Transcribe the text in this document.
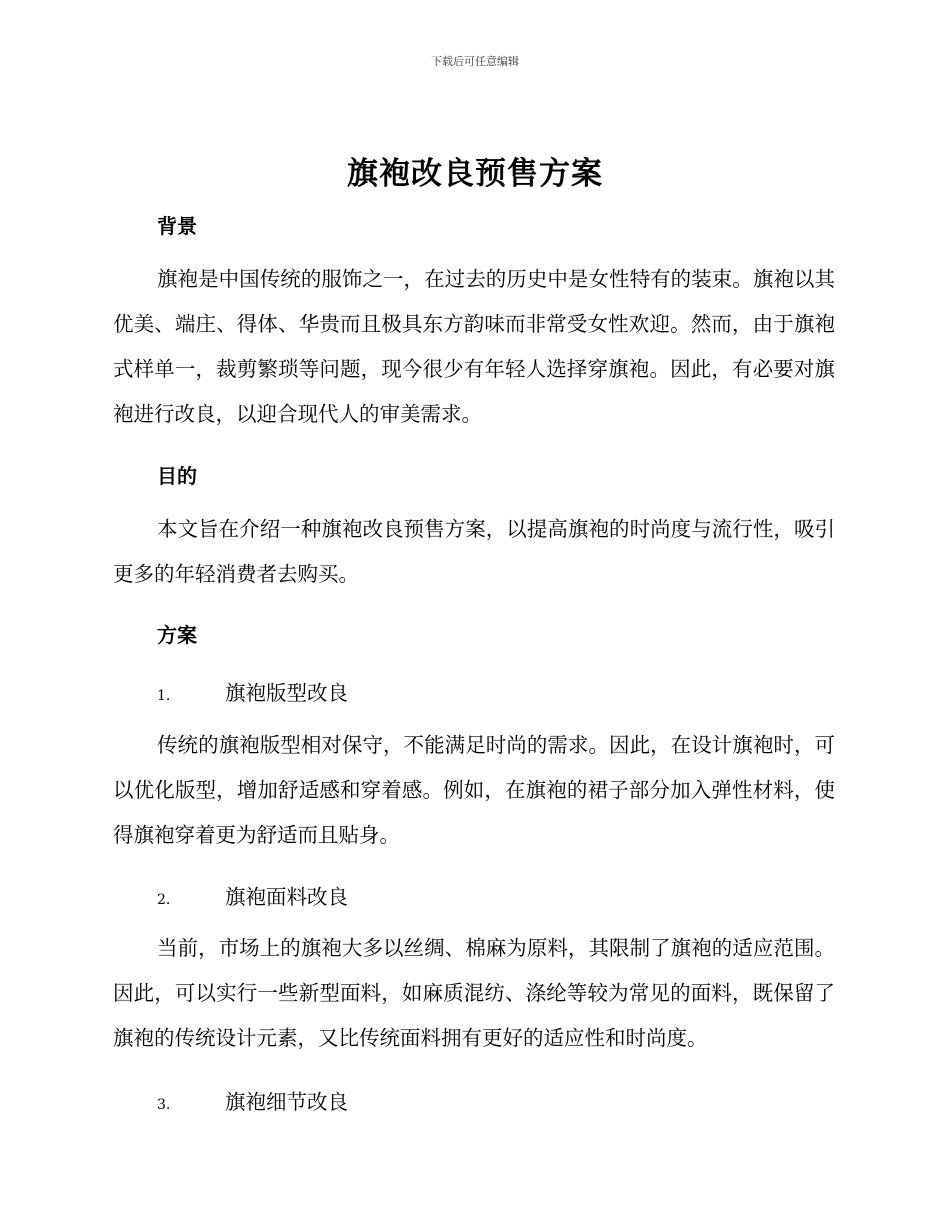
下载后可任意编辑
旗袍改良预售方案
背景

旗袍是中国传统的服饰之一，在过去的历史中是女性特有的装束。旗袍以其优美、端庄、得体、华贵而且极具东方韵味而非常受女性欢迎。然而，由于旗袍式样单一，裁剪繁琐等问题，现今很少有年轻人选择穿旗袍。因此，有必要对旗袍进行改良，以迎合现代人的审美需求。

目的

本文旨在介绍一种旗袍改良预售方案，以提高旗袍的时尚度与流行性，吸引更多的年轻消费者去购买。

方案
1.	旗袍版型改良

传统的旗袍版型相对保守，不能满足时尚的需求。因此，在设计旗袍时，可以优化版型，增加舒适感和穿着感。例如，在旗袍的裙子部分加入弹性材料，使得旗袍穿着更为舒适而且贴身。

2.	旗袍面料改良

当前，市场上的旗袍大多以丝绸、棉麻为原料，其限制了旗袍的适应范围。因此，可以实行一些新型面料，如麻质混纺、涤纶等较为常见的面料，既保留了旗袍的传统设计元素，又比传统面料拥有更好的适应性和时尚度。

3.	旗袍细节改良
